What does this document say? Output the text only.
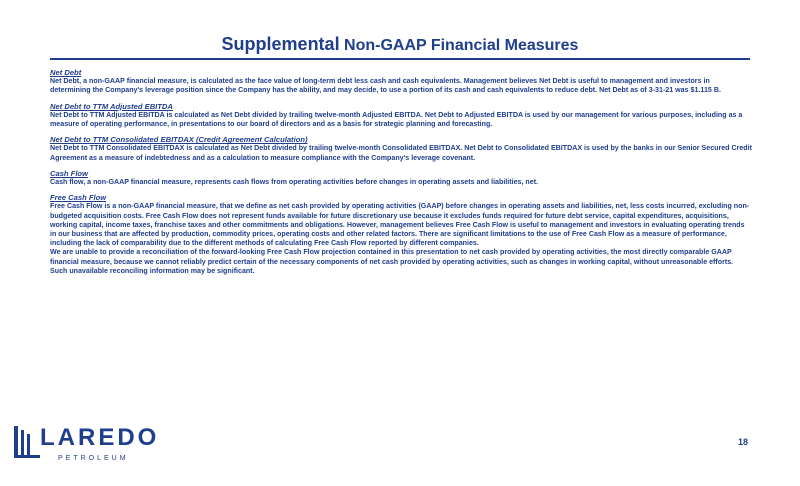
Supplemental Non-GAAP Financial Measures
Net Debt

Net Debt, a non-GAAP financial measure, is calculated as the face value of long-term debt less cash and cash equivalents. Management believes Net Debt is useful to management and investors in determining the Company's leverage position since the Company has the ability, and may decide, to use a portion of its cash and cash equivalents to reduce debt. Net Debt as of 3-31-21 was $1.115 B.

Net Debt to TTM Adjusted EBITDA

Net Debt to TTM Adjusted EBITDA is calculated as Net Debt divided by trailing twelve-month Adjusted EBITDA. Net Debt to Adjusted EBITDA is used by our management for various purposes, including as a measure of operating performance, in presentations to our board of directors and as a basis for strategic planning and forecasting.

Net Debt to TTM Consolidated EBITDAX (Credit Agreement Calculation)

Net Debt to TTM Consolidated EBITDAX is calculated as Net Debt divided by trailing twelve-month Consolidated EBITDAX. Net Debt to Consolidated EBITDAX is used by the banks in our Senior Secured Credit Agreement as a measure of indebtedness and as a calculation to measure compliance with the Company's leverage covenant.

Cash Flow

Cash flow, a non-GAAP financial measure, represents cash flows from operating activities before changes in operating assets and liabilities, net.

Free Cash Flow

Free Cash Flow is a non-GAAP financial measure, that we define as net cash provided by operating activities (GAAP) before changes in operating assets and liabilities, net, less costs incurred, excluding non-budgeted acquisition costs. Free Cash Flow does not represent funds available for future discretionary use because it excludes funds required for future debt service, capital expenditures, acquisitions, working capital, income taxes, franchise taxes and other commitments and obligations. However, management believes Free Cash Flow is useful to management and investors in evaluating operating trends in our business that are affected by production, commodity prices, operating costs and other related factors. There are significant limitations to the use of Free Cash Flow as a measure of performance, including the lack of comparability due to the different methods of calculating Free Cash Flow reported by different companies.

We are unable to provide a reconciliation of the forward-looking Free Cash Flow projection contained in this presentation to net cash provided by operating activities, the most directly comparable GAAP financial measure, because we cannot reliably predict certain of the necessary components of net cash provided by operating activities, such as changes in working capital, without unreasonable efforts. Such unavailable reconciling information may be significant.

LAREDO
PETROLEUM
18
